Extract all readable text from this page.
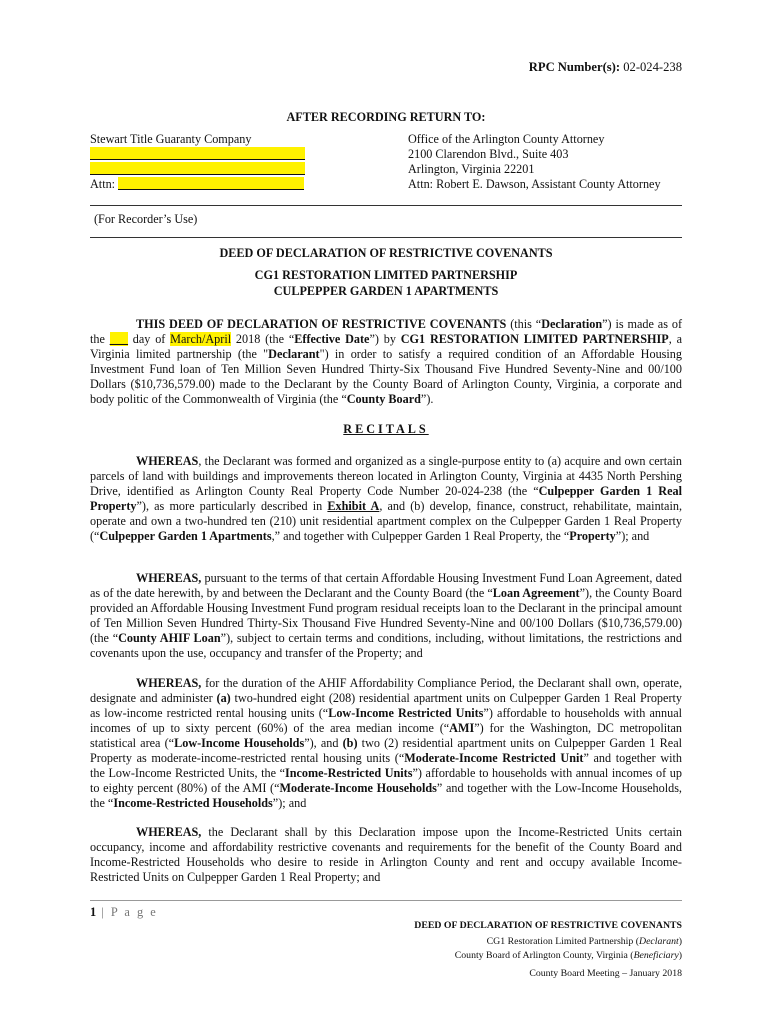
RPC Number(s): 02-024-238
AFTER RECORDING RETURN TO:
Stewart Title Guaranty Company
Attn:
Office of the Arlington County Attorney
2100 Clarendon Blvd., Suite 403
Arlington, Virginia 22201
Attn: Robert E. Dawson, Assistant County Attorney
(For Recorder’s Use)
DEED OF DECLARATION OF RESTRICTIVE COVENANTS
CG1 RESTORATION LIMITED PARTNERSHIP
CULPEPPER GARDEN 1 APARTMENTS
THIS DEED OF DECLARATION OF RESTRICTIVE COVENANTS (this “Declaration”) is made as of the ___ day of March/April 2018 (the “Effective Date”) by CG1 RESTORATION LIMITED PARTNERSHIP, a Virginia limited partnership (the "Declarant") in order to satisfy a required condition of an Affordable Housing Investment Fund loan of Ten Million Seven Hundred Thirty-Six Thousand Five Hundred Seventy-Nine and 00/100 Dollars ($10,736,579.00) made to the Declarant by the County Board of Arlington County, Virginia, a corporate and body politic of the Commonwealth of Virginia (the “County Board”).
RECITALS
WHEREAS, the Declarant was formed and organized as a single-purpose entity to (a) acquire and own certain parcels of land with buildings and improvements thereon located in Arlington County, Virginia at 4435 North Pershing Drive, identified as Arlington County Real Property Code Number 20-024-238 (the “Culpepper Garden 1 Real Property”), as more particularly described in Exhibit A, and (b) develop, finance, construct, rehabilitate, maintain, operate and own a two-hundred ten (210) unit residential apartment complex on the Culpepper Garden 1 Real Property (“Culpepper Garden 1 Apartments,” and together with Culpepper Garden 1 Real Property, the “Property”); and
WHEREAS, pursuant to the terms of that certain Affordable Housing Investment Fund Loan Agreement, dated as of the date herewith, by and between the Declarant and the County Board (the “Loan Agreement”), the County Board provided an Affordable Housing Investment Fund program residual receipts loan to the Declarant in the principal amount of Ten Million Seven Hundred Thirty-Six Thousand Five Hundred Seventy-Nine and 00/100 Dollars ($10,736,579.00) (the “County AHIF Loan”), subject to certain terms and conditions, including, without limitations, the restrictions and covenants upon the use, occupancy and transfer of the Property; and
WHEREAS, for the duration of the AHIF Affordability Compliance Period, the Declarant shall own, operate, designate and administer (a) two-hundred eight (208) residential apartment units on Culpepper Garden 1 Real Property as low-income restricted rental housing units (“Low-Income Restricted Units”) affordable to households with annual incomes of up to sixty percent (60%) of the area median income (“AMI”) for the Washington, DC metropolitan statistical area (“Low-Income Households”), and (b) two (2) residential apartment units on Culpepper Garden 1 Real Property as moderate-income-restricted rental housing units (“Moderate-Income Restricted Unit” and together with the Low-Income Restricted Units, the “Income-Restricted Units”) affordable to households with annual incomes of up to eighty percent (80%) of the AMI (“Moderate-Income Households” and together with the Low-Income Households, the “Income-Restricted Households”); and
WHEREAS, the Declarant shall by this Declaration impose upon the Income-Restricted Units certain occupancy, income and affordability restrictive covenants and requirements for the benefit of the County Board and Income-Restricted Households who desire to reside in Arlington County and rent and occupy available Income-Restricted Units on Culpepper Garden 1 Real Property; and
1 | P a g e
DEED OF DECLARATION OF RESTRICTIVE COVENANTS
CG1 Restoration Limited Partnership (Declarant)
County Board of Arlington County, Virginia (Beneficiary)
County Board Meeting – January 2018
